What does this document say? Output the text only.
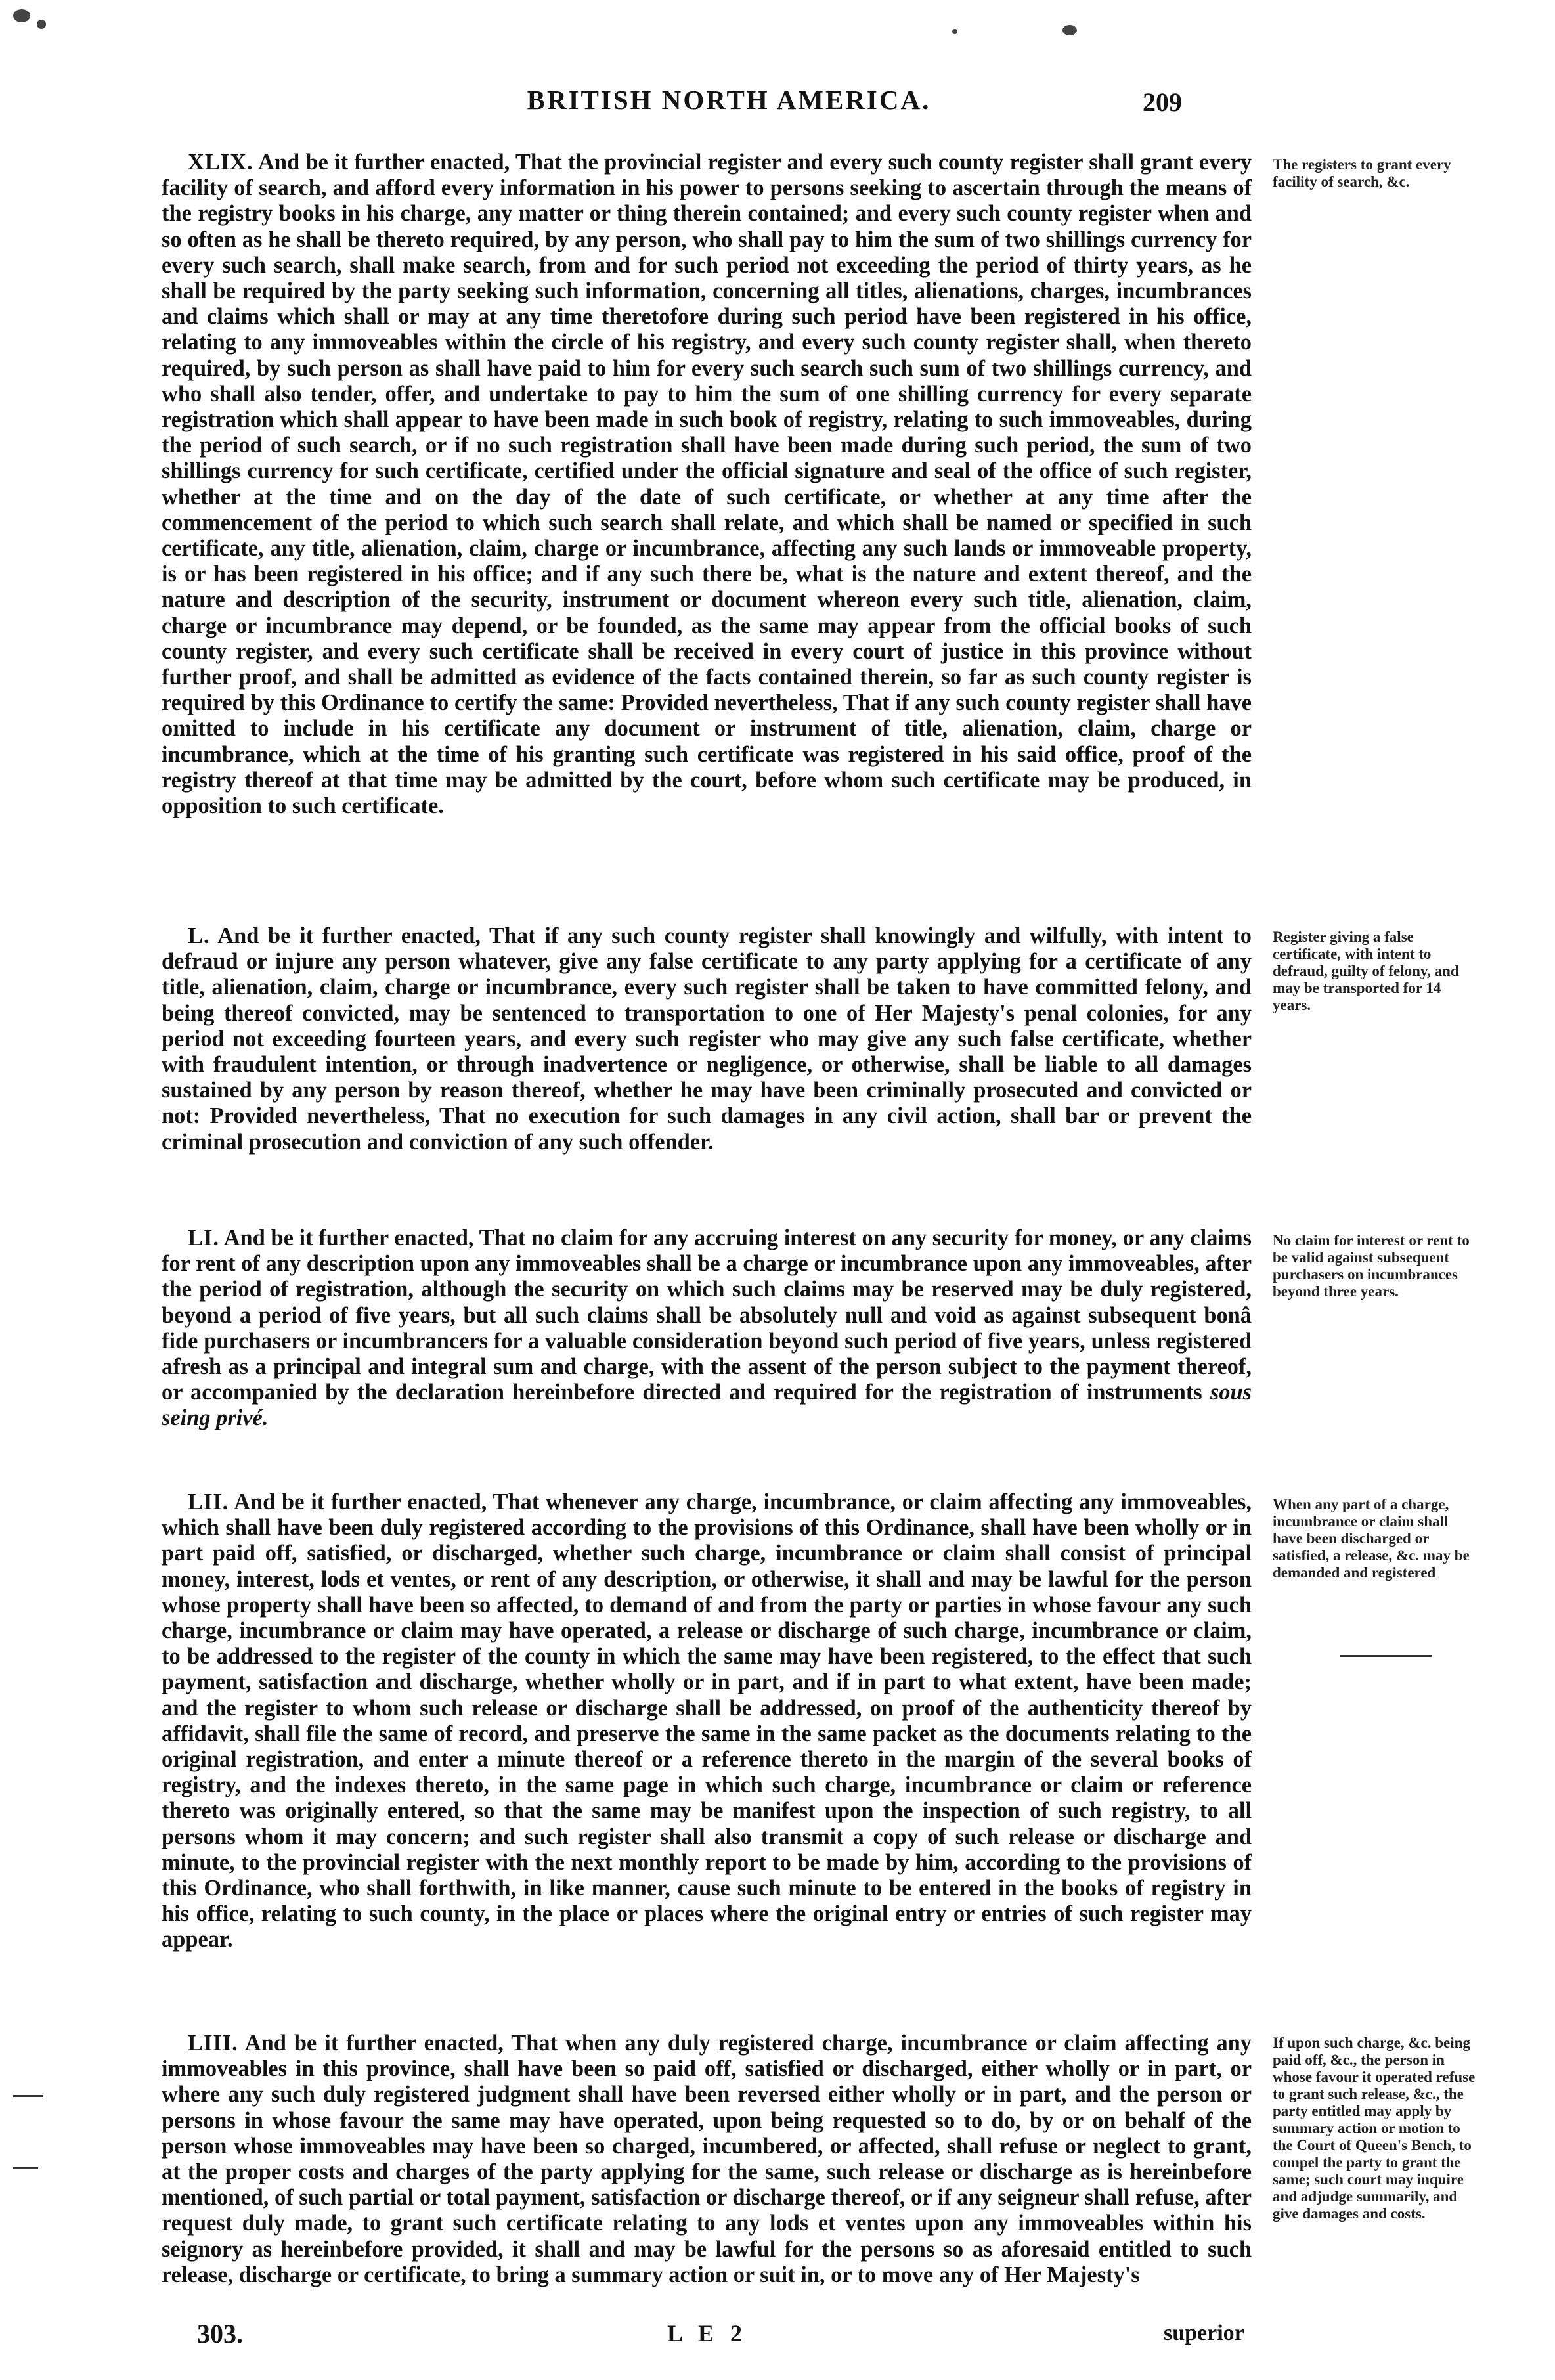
BRITISH NORTH AMERICA.	209

XLIX. And be it further enacted, That the provincial register and every such county register shall grant every facility of search, and afford every information in his power to persons seeking to ascertain through the means of the registry books in his charge, any matter or thing therein contained; and every such county register when and so often as he shall be thereto required, by any person, who shall pay to him the sum of two shillings currency for every such search, shall make search, from and for such period not exceeding the period of thirty years, as he shall be required by the party seeking such information, concerning all titles, alienations, charges, incumbrances and claims which shall or may at any time theretofore during such period have been registered in his office, relating to any immoveables within the circle of his registry, and every such county register shall, when thereto required, by such person as shall have paid to him for every such search such sum of two shillings currency, and who shall also tender, offer, and undertake to pay to him the sum of one shilling currency for every separate registration which shall appear to have been made in such book of registry, relating to such immoveables, during the period of such search, or if no such registration shall have been made during such period, the sum of two shillings currency for such certificate, certified under the official signature and seal of the office of such register, whether at the time and on the day of the date of such certificate, or whether at any time after the commencement of the period to which such search shall relate, and which shall be named or specified in such certificate, any title, alienation, claim, charge or incumbrance, affecting any such lands or immoveable property, is or has been registered in his office; and if any such there be, what is the nature and extent thereof, and the nature and description of the security, instrument or document whereon every such title, alienation, claim, charge or incumbrance may depend, or be founded, as the same may appear from the official books of such county register, and every such certificate shall be received in every court of justice in this province without further proof, and shall be admitted as evidence of the facts contained therein, so far as such county register is required by this Ordinance to certify the same: Provided nevertheless, That if any such county register shall have omitted to include in his certificate any document or instrument of title, alienation, claim, charge or incumbrance, which at the time of his granting such certificate was registered in his said office, proof of the registry thereof at that time may be admitted by the court, before whom such certificate may be produced, in opposition to such certificate.

The registers to grant every facility of search, &c.

L. And be it further enacted, That if any such county register shall knowingly and wilfully, with intent to defraud or injure any person whatever, give any false certificate to any party applying for a certificate of any title, alienation, claim, charge or incumbrance, every such register shall be taken to have committed felony, and being thereof convicted, may be sentenced to transportation to one of Her Majesty's penal colonies, for any period not exceeding fourteen years, and every such register who may give any such false certificate, whether with fraudulent intention, or through inadvertence or negligence, or otherwise, shall be liable to all damages sustained by any person by reason thereof, whether he may have been criminally prosecuted and convicted or not: Provided nevertheless, That no execution for such damages in any civil action, shall bar or prevent the criminal prosecution and conviction of any such offender.

Register giving a false certificate, with intent to defraud, guilty of felony, and may be transported for 14 years.

LI. And be it further enacted, That no claim for any accruing interest on any security for money, or any claims for rent of any description upon any immoveables shall be a charge or incumbrance upon any immoveables, after the period of registration, although the security on which such claims may be reserved may be duly registered, beyond a period of five years, but all such claims shall be absolutely null and void as against subsequent bonâ fide purchasers or incumbrancers for a valuable consideration beyond such period of five years, unless registered afresh as a principal and integral sum and charge, with the assent of the person subject to the payment thereof, or accompanied by the declaration hereinbefore directed and required for the registration of instruments sous seing privé.

No claim for interest or rent to be valid against subsequent purchasers on incumbrances beyond three years.

LII. And be it further enacted, That whenever any charge, incumbrance, or claim affecting any immoveables, which shall have been duly registered according to the provisions of this Ordinance, shall have been wholly or in part paid off, satisfied, or discharged, whether such charge, incumbrance or claim shall consist of principal money, interest, lods et ventes, or rent of any description, or otherwise, it shall and may be lawful for the person whose property shall have been so affected, to demand of and from the party or parties in whose favour any such charge, incumbrance or claim may have operated, a release or discharge of such charge, incumbrance or claim, to be addressed to the register of the county in which the same may have been registered, to the effect that such payment, satisfaction and discharge, whether wholly or in part, and if in part to what extent, have been made; and the register to whom such release or discharge shall be addressed, on proof of the authenticity thereof by affidavit, shall file the same of record, and preserve the same in the same packet as the documents relating to the original registration, and enter a minute thereof or a reference thereto in the margin of the several books of registry, and the indexes thereto, in the same page in which such charge, incumbrance or claim or reference thereto was originally entered, so that the same may be manifest upon the inspection of such registry, to all persons whom it may concern; and such register shall also transmit a copy of such release or discharge and minute, to the provincial register with the next monthly report to be made by him, according to the provisions of this Ordinance, who shall forthwith, in like manner, cause such minute to be entered in the books of registry in his office, relating to such county, in the place or places where the original entry or entries of such register may appear.

When any part of a charge, incumbrance or claim shall have been discharged or satisfied, a release, &c. may be demanded and registered

LIII. And be it further enacted, That when any duly registered charge, incumbrance or claim affecting any immoveables in this province, shall have been so paid off, satisfied or discharged, either wholly or in part, or where any such duly registered judgment shall have been reversed either wholly or in part, and the person or persons in whose favour the same may have operated, upon being requested so to do, by or on behalf of the person whose immoveables may have been so charged, incumbered, or affected, shall refuse or neglect to grant, at the proper costs and charges of the party applying for the same, such release or discharge as is hereinbefore mentioned, of such partial or total payment, satisfaction or discharge thereof, or if any seigneur shall refuse, after request duly made, to grant such certificate relating to any lods et ventes upon any immoveables within his seignory as hereinbefore provided, it shall and may be lawful for the persons so as aforesaid entitled to such release, discharge or certificate, to bring a summary action or suit in, or to move any of Her Majesty's

If upon such charge, &c. being paid off, &c., the person in whose favour it operated refuse to grant such release, &c., the party entitled may apply by summary action or motion to the Court of Queen's Bench, to compel the party to grant the same; such court may inquire and adjudge summarily, and give damages and costs.
303.	L E 2	superior
